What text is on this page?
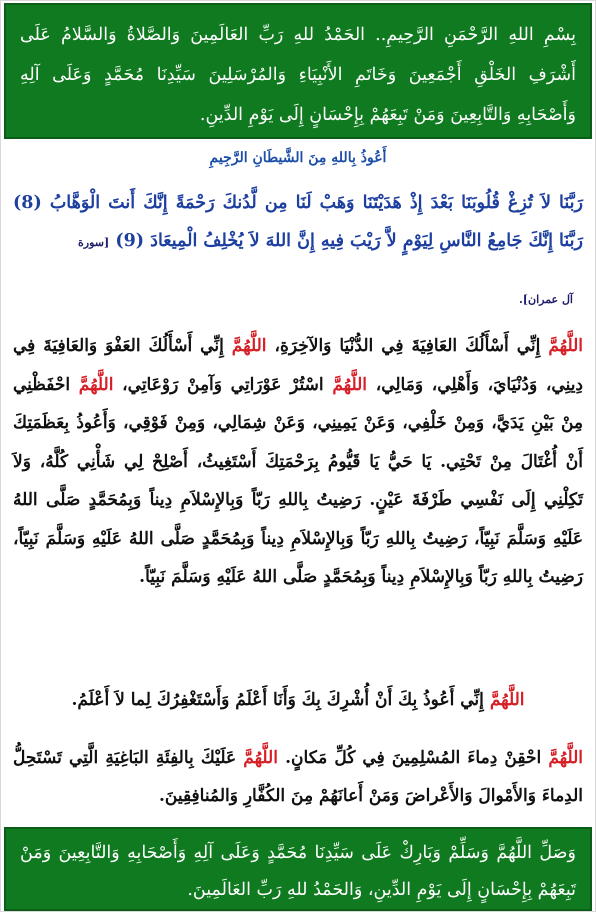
بِسْمِ اللهِ الرَّحْمَنِ الرَّحِيمِ.. الحَمْدُ للهِ رَبِّ العَالَمِينَ وَالصَّلاةُ وَالسَّلامُ عَلَى أَشْرَفِ الخَلْقِ أَجْمَعِينَ وَخَاتَمِ الأَنْبِيَاءِ وَالمُرْسَلِينَ سَيِّدِنَا مُحَمَّدٍ وَعَلَى آلِهِ وَأَصْحَابِهِ وَالتَّابِعِينَ وَمَنْ تَبِعَهُمْ بِإِحْسَانٍ إِلَى يَوْمِ الدِّينِ.
أَعُوذُ بِاللهِ مِنَ الشَّيطَانِ الرَّجِيمِ
رَبَّنَا لاَ تُزِغْ قُلُوبَنَا بَعْدَ إِذْ هَدَيْتَنَا وَهَبْ لَنَا مِن لَّدُنكَ رَحْمَةً إِنَّكَ أَنتَ الْوَهَّابُ (8) رَبَّنَا إِنَّكَ جَامِعُ النَّاسِ لِيَوْمٍ لاَّ رَيْبَ فِيهِ إِنَّ اللهَ لاَ يُخْلِفُ الْمِيعَادَ (9) [سورة
آل عمران].
اللَّهُمَّ إِنِّي أَسْأَلُكَ العَافِيَةَ فِي الدُّنْيَا وَالآخِرَةِ، اللَّهُمَّ إِنِّي أَسْأَلُكَ العَفْوَ وَالعَافِيَةَ فِي دِينِي، وَدُنْيَايَ، وَأَهْلِي، وَمَالِي، اللَّهُمَّ اسْتُرْ عَوْرَاتِي وَآمِنْ رَوْعَاتِي، اللَّهُمَّ احْفَظْنِي مِنْ بَيْنِ يَدَيَّ، وَمِنْ خَلْفِي، وَعَنْ يَمِينِي، وَعَنْ شِمَالِي، وَمِنْ فَوْقِي، وَأَعُوذُ بِعَظَمَتِكَ أَنْ أُغْتَالَ مِنْ تَحْتِي. يَا حَيُّ يَا قَيُّومُ بِرَحْمَتِكَ أَسْتَغِيثُ، أَصْلِحْ لِي شَأْنِي كُلَّهُ، وَلاَ تَكِلْنِي إِلَى نَفْسِي طَرْفَةَ عَيْنٍ. رَضِيتُ بِاللهِ رَبّاً وَبِالإِسْلاَمِ دِيناً وَبِمُحَمَّدٍ صَلَّى اللهُ عَلَيْهِ وَسَلَّمَ نَبِيّاً، رَضِيتُ بِاللهِ رَبّاً وَبِالإِسْلاَمِ دِيناً وَبِمُحَمَّدٍ صَلَّى اللهُ عَلَيْهِ وَسَلَّمَ نَبِيّاً، رَضِيتُ بِاللهِ رَبّاً وَبِالإِسْلاَمِ دِيناً وَبِمُحَمَّدٍ صَلَّى اللهُ عَلَيْهِ وَسَلَّمَ نَبِيّاً.
اللَّهُمَّ إِنِّي أَعُوذُ بِكَ أَنْ أُشْرِكَ بِكَ وَأَنَا أَعْلَمُ وَأَسْتَغْفِرُكَ لِما لاَ أَعْلَمُ.
اللَّهُمَّ احْقِنْ دِماءَ المُسْلِمِينَ فِي كُلِّ مَكانٍ. اللَّهُمَّ عَلَيْكَ بِالفِئَةِ البَاغِيَةِ الَّتِي تَسْتَحِلُّ الدِماءَ وَالأَمْوالَ وَالأَعْراضَ وَمَنْ أَعانَهُمْ مِنَ الكُفَّارِ وَالمُنافِقِينَ.
وَصَلِّ اللَّهُمَّ وَسَلِّمْ وَبَارِكْ عَلَى سَيِّدِنَا مُحَمَّدٍ وَعَلَى آلِهِ وَأَصْحَابِهِ وَالتَّابِعِينَ وَمَنْ تَبِعَهُمْ بِإِحْسَانٍ إِلَى يَوْمِ الدِّينِ، وَالحَمْدُ للهِ رَبِّ العَالَمِينَ.
